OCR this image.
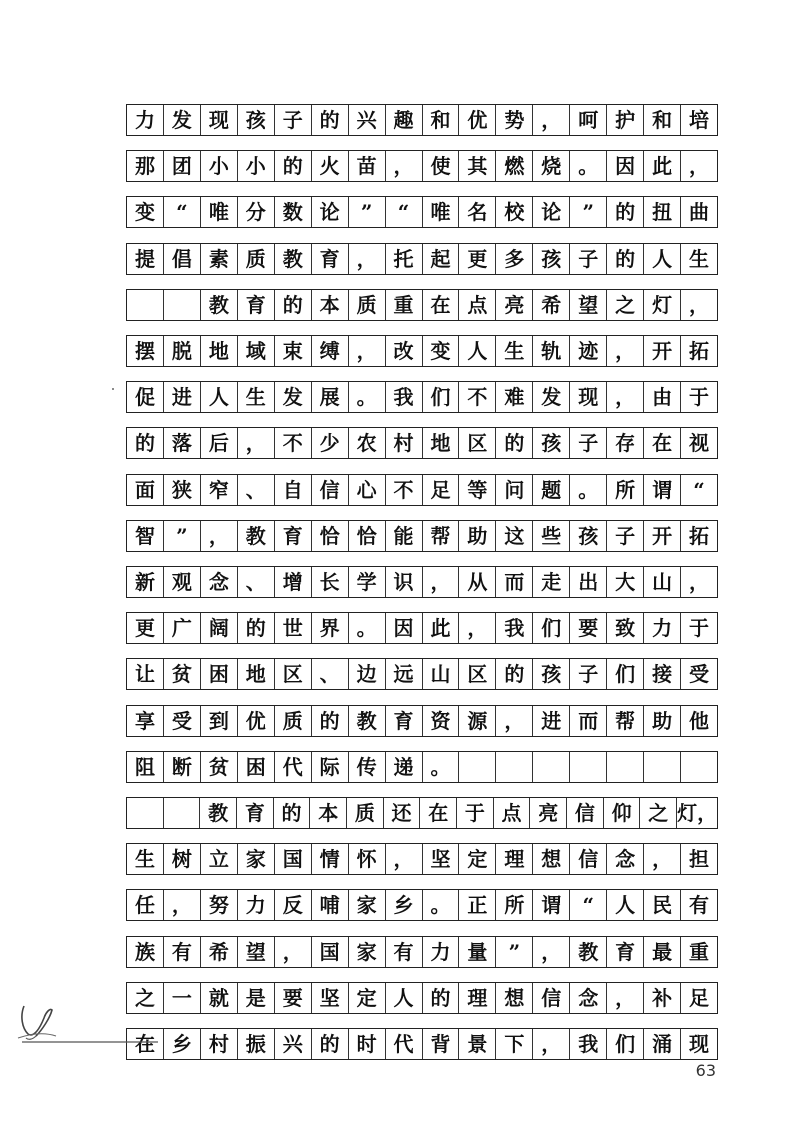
力 发 现 孩 子 的 兴 趣 和 优 势 ， 呵 护 和 培
那 团 小 小 的 火 苗 ， 使 其 燃 烧 。 因 此 ，
变	“	唯 分 数 论	”	“	唯 名 校 论	”	的 扭 曲
提 倡 素 质 教 育 ， 托 起 更 多 孩 子 的 人 生
教 育 的 本 质 重 在 点 亮 希 望 之 灯 ，
摆 脱 地 域 束 缚 ， 改 变 人 生 轨 迹 ， 开 拓
促 进 人 生 发 展 。 我 们 不 难 发 现 ， 由 于
的 落 后 ， 不 少 农 村 地 区 的 孩 子 存 在 视
面 狭 窄 、 自 信 心 不 足 等 问 题 。 所 谓	“
智	”	， 教 育 恰 恰 能 帮 助 这 些 孩 子 开 拓
新 观 念 、 增 长 学 识 ， 从 而 走 出 大 山 ，
更 广 阔 的 世 界 。 因 此 ， 我 们 要 致 力 于
让 贫 困 地 区 、 边 远 山 区 的 孩 子 们 接 受
享 受 到 优 质 的 教 育 资 源 ， 进 而 帮 助 他
阻 断 贫 困 代 际 传 递 。
教 育 的 本 质 还 在 于 点 亮 信 仰 之 灯，
生 树 立 家 国 情 怀 ， 坚 定 理 想 信 念 ， 担
任 ， 努 力 反 哺 家 乡 。 正 所 谓	“	人 民 有
族 有 希 望 ， 国 家 有 力 量	”	， 教 育 最 重
之 一 就 是 要 坚 定 人 的 理 想 信 念 ， 补 足
在 乡 村 振 兴 的 时 代 背 景 下 ， 我 们 涌 现
63
